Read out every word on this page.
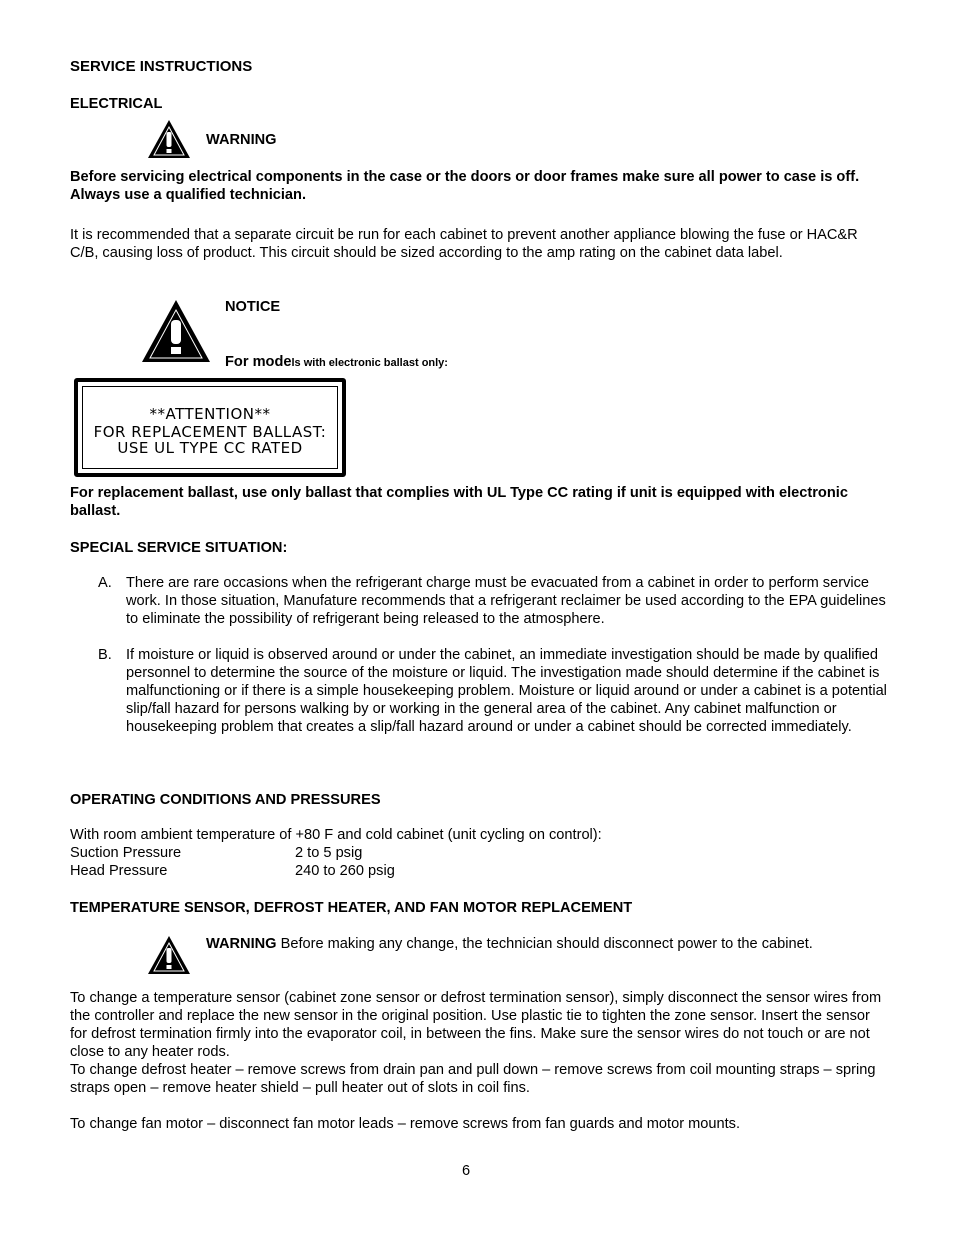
SERVICE INSTRUCTIONS
ELECTRICAL
WARNING
Before servicing electrical components in the case or the doors or door frames make sure all power to case is off. Always use a qualified technician.
It is recommended that a separate circuit be run for each cabinet to prevent another appliance blowing the fuse or HAC&R C/B, causing loss of product. This circuit should be sized according to the amp rating on the cabinet data label.
NOTICE
For models with electronic ballast only:
**ATTENTION**
FOR REPLACEMENT BALLAST:
USE UL TYPE CC RATED
For replacement ballast, use only ballast that complies with UL Type CC rating if unit is equipped with electronic ballast.
SPECIAL SERVICE SITUATION:
A. There are rare occasions when the refrigerant charge must be evacuated from a cabinet in order to perform service work. In those situation, Manufature recommends that a refrigerant reclaimer be used according to the EPA guidelines to eliminate the possibility of refrigerant being released to the atmosphere.
B. If moisture or liquid is observed around or under the cabinet, an immediate investigation should be made by qualified personnel to determine the source of the moisture or liquid. The investigation made should determine if the cabinet is malfunctioning or if there is a simple housekeeping problem. Moisture or liquid around or under a cabinet is a potential slip/fall hazard for persons walking by or working in the general area of the cabinet. Any cabinet malfunction or housekeeping problem that creates a slip/fall hazard around or under a cabinet should be corrected immediately.
OPERATING CONDITIONS AND PRESSURES
With room ambient temperature of +80 F and cold cabinet (unit cycling on control):
Suction Pressure	2 to 5 psig
Head Pressure	240 to 260 psig
TEMPERATURE SENSOR, DEFROST HEATER, AND FAN MOTOR REPLACEMENT
WARNING Before making any change, the technician should disconnect power to the cabinet.
To change a temperature sensor (cabinet zone sensor or defrost termination sensor), simply disconnect the sensor wires from the controller and replace the new sensor in the original position. Use plastic tie to tighten the zone sensor. Insert the sensor for defrost termination firmly into the evaporator coil, in between the fins. Make sure the sensor wires do not touch or are not close to any heater rods.
To change defrost heater – remove screws from drain pan and pull down – remove screws from coil mounting straps – spring straps open – remove heater shield – pull heater out of slots in coil fins.
To change fan motor – disconnect fan motor leads – remove screws from fan guards and motor mounts.
6
